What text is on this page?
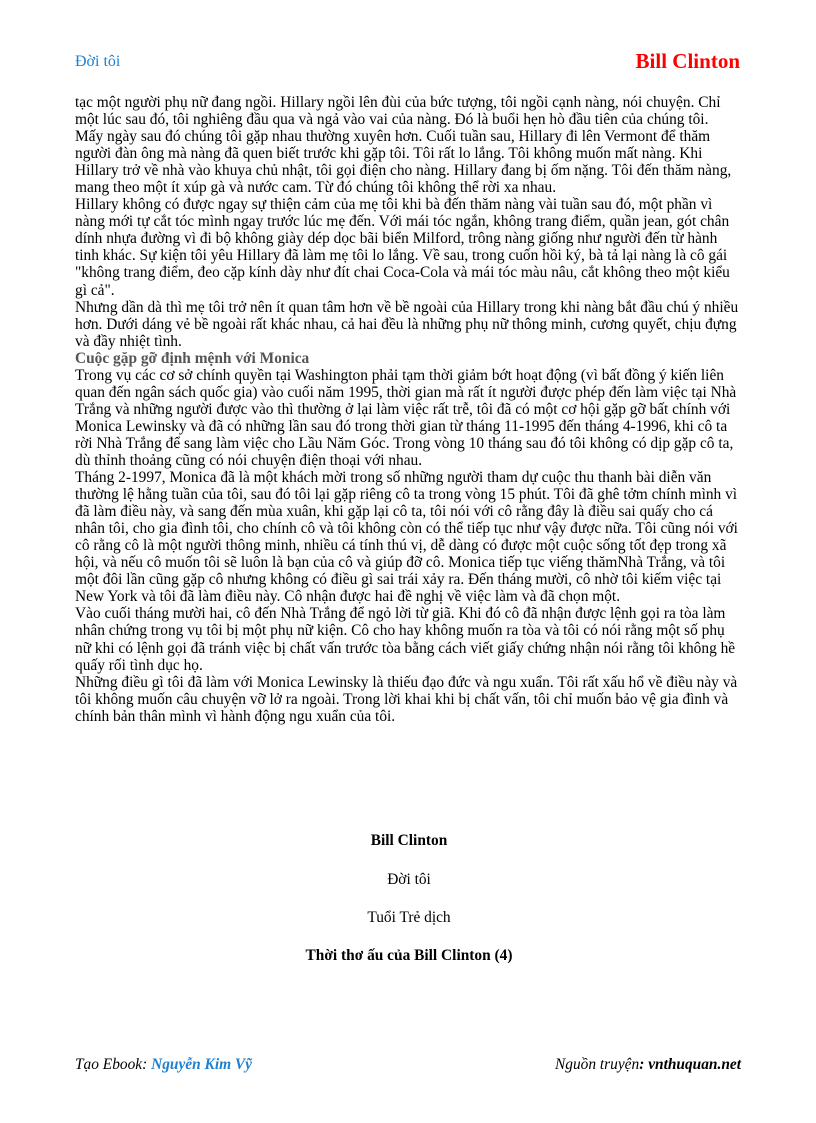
Đời tôi	Bill Clinton

tạc một người phụ nữ đang ngồi. Hillary ngồi lên đùi của bức tượng, tôi ngồi cạnh nàng, nói chuyện. Chỉ một lúc sau đó, tôi nghiêng đầu qua và ngả vào vai của nàng. Đó là buổi hẹn hò đầu tiên của chúng tôi.

Mấy ngày sau đó chúng tôi gặp nhau thường xuyên hơn. Cuối tuần sau, Hillary đi lên Vermont để thăm người đàn ông mà nàng đã quen biết trước khi gặp tôi. Tôi rất lo lắng. Tôi không muốn mất nàng. Khi Hillary trở về nhà vào khuya chủ nhật, tôi gọi điện cho nàng. Hillary đang bị ốm nặng. Tôi đến thăm nàng, mang theo một ít xúp gà và nước cam. Từ đó chúng tôi không thể rời xa nhau.

Hillary không có được ngay sự thiện cảm của mẹ tôi khi bà đến thăm nàng vài tuần sau đó, một phần vì nàng mới tự cắt tóc mình ngay trước lúc mẹ đến. Với mái tóc ngắn, không trang điểm, quần jean, gót chân dính nhựa đường vì đi bộ không giày dép dọc bãi biển Milford, trông nàng giống như người đến từ hành tinh khác. Sự kiện tôi yêu Hillary đã làm mẹ tôi lo lắng. Về sau, trong cuốn hồi ký, bà tả lại nàng là cô gái "không trang điểm, đeo cặp kính dày như đít chai Coca-Cola và mái tóc màu nâu, cắt không theo một kiểu gì cả".

Nhưng dần dà thì mẹ tôi trở nên ít quan tâm hơn về bề ngoài của Hillary trong khi nàng bắt đầu chú ý nhiều hơn. Dưới dáng vẻ bề ngoài rất khác nhau, cả hai đều là những phụ nữ thông minh, cương quyết, chịu đựng và đầy nhiệt tình.

Cuộc gặp gỡ định mệnh với Monica

Trong vụ các cơ sở chính quyền tại Washington phải tạm thời giảm bớt hoạt động (vì bất đồng ý kiến liên quan đến ngân sách quốc gia) vào cuối năm 1995, thời gian mà rất ít người được phép đến làm việc tại Nhà Trắng và những người được vào thì thường ở lại làm việc rất trễ, tôi đã có một cơ hội gặp gỡ bất chính với Monica Lewinsky và đã có những lần sau đó trong thời gian từ tháng 11-1995 đến tháng 4-1996, khi cô ta rời Nhà Trắng để sang làm việc cho Lầu Năm Góc. Trong vòng 10 tháng sau đó tôi không có dịp gặp cô ta, dù thỉnh thoảng cũng có nói chuyện điện thoại với nhau.

Tháng 2-1997, Monica đã là một khách mời trong số những người tham dự cuộc thu thanh bài diễn văn thường lệ hằng tuần của tôi, sau đó tôi lại gặp riêng cô ta trong vòng 15 phút. Tôi đã ghê tởm chính mình vì đã làm điều này, và sang đến mùa xuân, khi gặp lại cô ta, tôi nói với cô rằng đây là điều sai quấy cho cá nhân tôi, cho gia đình tôi, cho chính cô và tôi không còn có thể tiếp tục như vậy được nữa. Tôi cũng nói với cô rằng cô là một người thông minh, nhiều cá tính thú vị, dễ dàng có được một cuộc sống tốt đẹp trong xã hội, và nếu cô muốn tôi sẽ luôn là bạn của cô và giúp đỡ cô. Monica tiếp tục viếng thămNhà Trắng, và tôi một đôi lần cũng gặp cô nhưng không có điều gì sai trái xảy ra. Đến tháng mười, cô nhờ tôi kiếm việc tại New York và tôi đã làm điều này. Cô nhận được hai đề nghị về việc làm và đã chọn một.

Vào cuối tháng mười hai, cô đến Nhà Trắng để ngỏ lời từ giã. Khi đó cô đã nhận được lệnh gọi ra tòa làm nhân chứng trong vụ tôi bị một phụ nữ kiện. Cô cho hay không muốn ra tòa và tôi có nói rằng một số phụ nữ khi có lệnh gọi đã tránh việc bị chất vấn trước tòa bằng cách viết giấy chứng nhận nói rằng tôi không hề quấy rối tình dục họ.

Những điều gì tôi đã làm với Monica Lewinsky là thiếu đạo đức và ngu xuẩn. Tôi rất xấu hổ về điều này và tôi không muốn câu chuyện vỡ lở ra ngoài. Trong lời khai khi bị chất vấn, tôi chỉ muốn bảo vệ gia đình và chính bản thân mình vì hành động ngu xuẩn của tôi.

Bill Clinton

Đời tôi

Tuổi Trẻ dịch

Thời thơ ấu của Bill Clinton (4)

Tạo Ebook: Nguyễn Kim Vỹ	Nguồn truyện: vnthuquan.net
